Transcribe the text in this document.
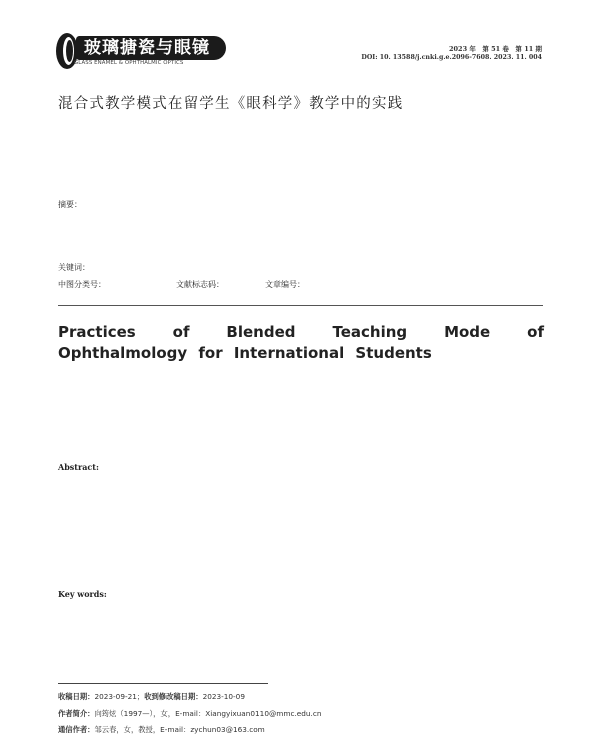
玻璃搪瓷与眼镜
GLASS ENAMEL & OPHTHALMIC OPTICS
2023 年　第 51 卷　第 11 期
DOI: 10. 13588/j.cnki.g.e.2096-7608. 2023. 11. 004
混合式教学模式在留学生《眼科学》教学中的实践
摘要：
关键词：
中图分类号：	文献标志码：	文章编号：
Practices of Blended Teaching Mode of Ophthalmology for International Students
Abstract:
Key words:
收稿日期：2023-09-21；收到修改稿日期：2023-10-09
作者简介：向筠炫（1997—），女，E-mail：Xiangyixuan0110@mmc.edu.cn
通信作者：邹云春，女，教授，E-mail：zychun03@163.com
